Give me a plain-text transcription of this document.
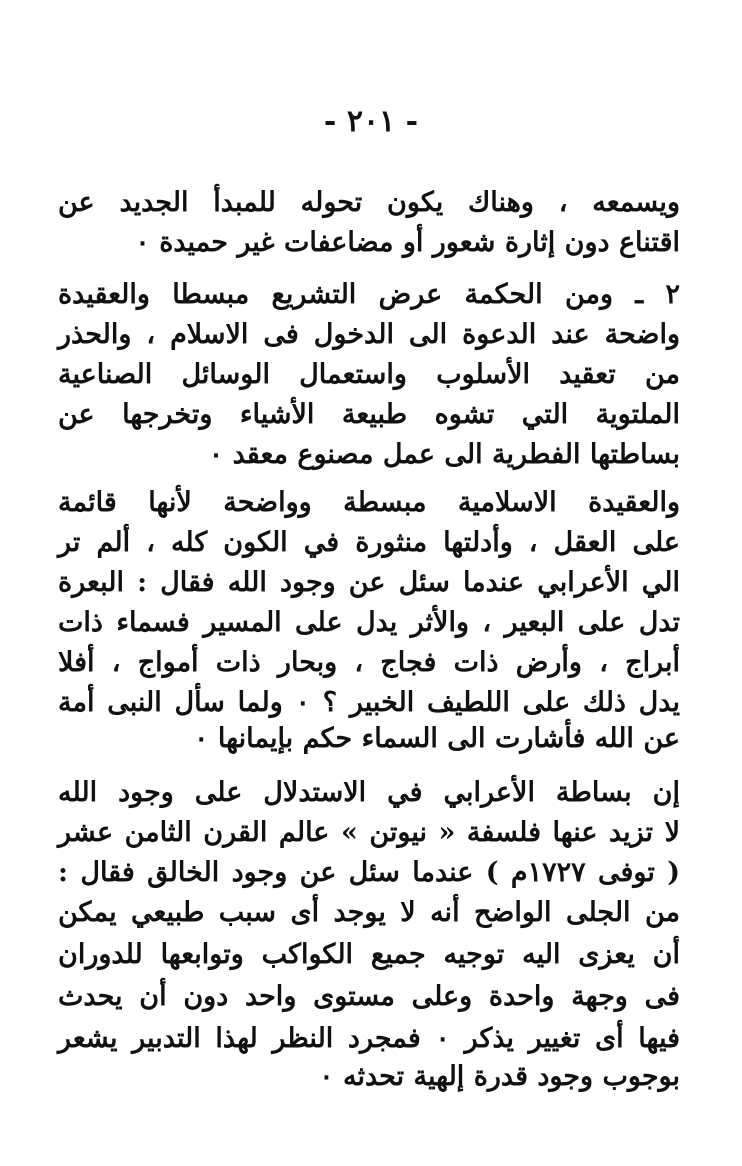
- ٢٠١ -
ويسمعه ، وهناك يكون تحوله للمبدأ الجديد عن
اقتناع دون إثارة شعور أو مضاعفات غير حميدة ٠
٢ ـ ومن الحكمة عرض التشريع مبسطا والعقيدة
واضحة عند الدعوة الى الدخول فى الاسلام ، والحذر
من تعقيد الأسلوب واستعمال الوسائل الصناعية
الملتوية التي تشوه طبيعة الأشياء وتخرجها عن
بساطتها الفطرية الى عمل مصنوع معقد ٠
والعقيدة الاسلامية مبسطة وواضحة لأنها قائمة
على العقل ، وأدلتها منثورة في الكون كله ، ألم تر
الي الأعرابي عندما سئل عن وجود الله فقال : البعرة
تدل على البعير ، والأثر يدل على المسير فسماء ذات
أبراج ، وأرض ذات فجاج ، وبحار ذات أمواج ، أفلا
يدل ذلك على اللطيف الخبير ؟ ٠ ولما سأل النبى أمة
عن الله فأشارت الى السماء حكم بإيمانها ٠
إن بساطة الأعرابي في الاستدلال على وجود الله
لا تزيد عنها فلسفة « نيوتن » عالم القرن الثامن عشر
( توفى ١٧٢٧م ) عندما سئل عن وجود الخالق فقال :
من الجلى الواضح أنه لا يوجد أى سبب طبيعي يمكن
أن يعزى اليه توجيه جميع الكواكب وتوابعها للدوران
فى وجهة واحدة وعلى مستوى واحد دون أن يحدث
فيها أى تغيير يذكر ٠ فمجرد النظر لهذا التدبير يشعر
بوجوب وجود قدرة إلهية تحدثه ٠
